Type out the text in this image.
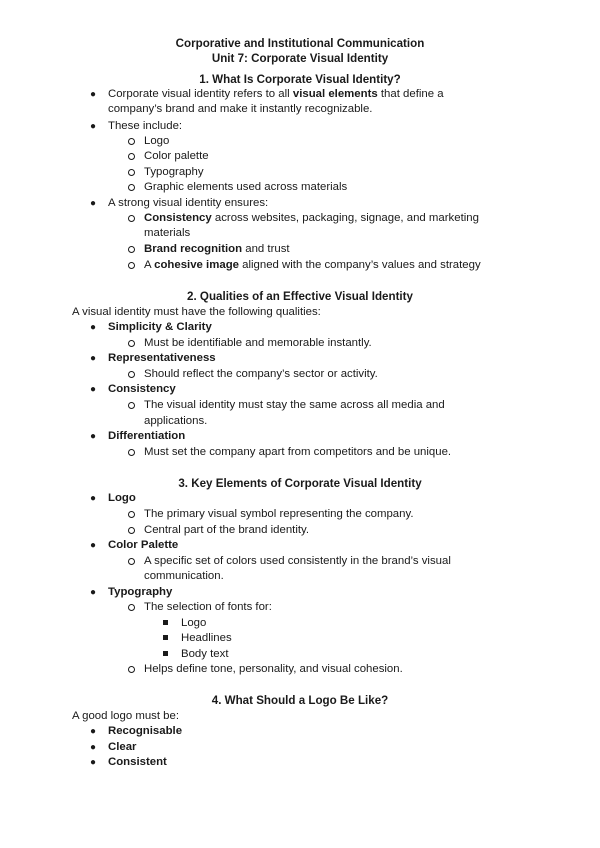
Corporative and Institutional Communication
Unit 7: Corporate Visual Identity
1. What Is Corporate Visual Identity?
● Corporate visual identity refers to all visual elements that define a
company’s brand and make it instantly recognizable.
● These include:
Logo
Color palette
Typography
Graphic elements used across materials
● A strong visual identity ensures:
Consistency across websites, packaging, signage, and marketing
materials
Brand recognition and trust
A cohesive image aligned with the company’s values and strategy
2. Qualities of an Effective Visual Identity
A visual identity must have the following qualities:
● Simplicity & Clarity
Must be identifiable and memorable instantly.
● Representativeness
Should reflect the company’s sector or activity.
● Consistency
The visual identity must stay the same across all media and
applications.
● Differentiation
Must set the company apart from competitors and be unique.
3. Key Elements of Corporate Visual Identity
● Logo
The primary visual symbol representing the company.
Central part of the brand identity.
● Color Palette
A specific set of colors used consistently in the brand’s visual
communication.
● Typography
The selection of fonts for:
Logo
Headlines
Body text
Helps define tone, personality, and visual cohesion.
4. What Should a Logo Be Like?
A good logo must be:
● Recognisable
● Clear
● Consistent
